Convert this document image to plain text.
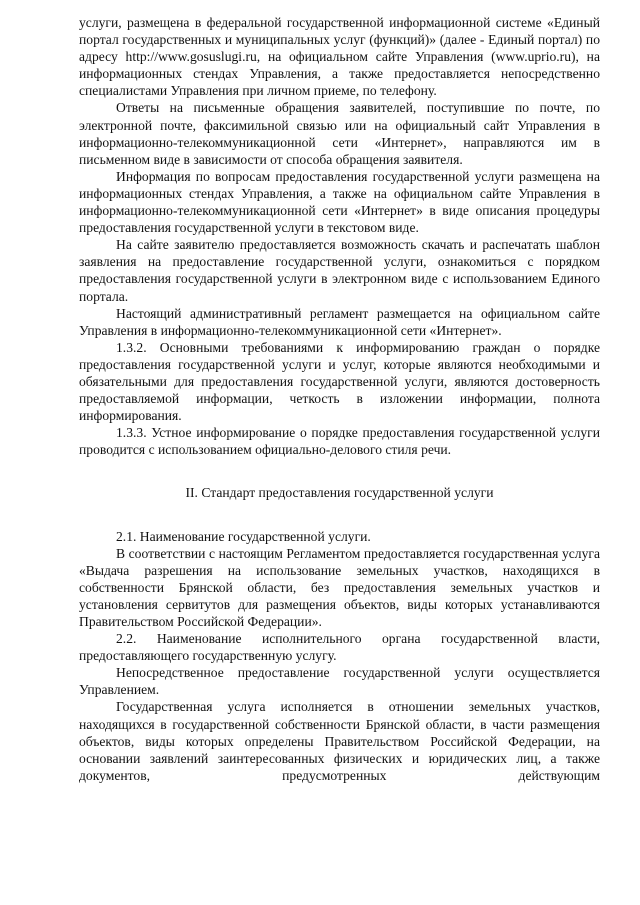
услуги, размещена в федеральной государственной информационной системе «Единый портал государственных и муниципальных услуг (функций)» (далее - Единый портал) по адресу http://www.gosuslugi.ru, на официальном сайте Управления (www.uprio.ru), на информационных стендах Управления, а также предоставляется непосредственно специалистами Управления при личном приеме, по телефону.

Ответы на письменные обращения заявителей, поступившие по почте, по электронной почте, факсимильной связью или на официальный сайт Управления в информационно-телекоммуникационной сети «Интернет», направляются им в письменном виде в зависимости от способа обращения заявителя.

Информация по вопросам предоставления государственной услуги размещена на информационных стендах Управления, а также на официальном сайте Управления в информационно-телекоммуникационной сети «Интернет» в виде описания процедуры предоставления государственной услуги в текстовом виде.

На сайте заявителю предоставляется возможность скачать и распечатать шаблон заявления на предоставление государственной услуги, ознакомиться с порядком предоставления государственной услуги в электронном виде с использованием Единого портала.

Настоящий административный регламент размещается на официальном сайте Управления в информационно-телекоммуникационной сети «Интернет».

1.3.2. Основными требованиями к информированию граждан о порядке предоставления государственной услуги и услуг, которые являются необходимыми и обязательными для предоставления государственной услуги, являются достоверность предоставляемой информации, четкость в изложении информации, полнота информирования.

1.3.3. Устное информирование о порядке предоставления государственной услуги проводится с использованием официально-делового стиля речи.

II. Стандарт предоставления государственной услуги

2.1. Наименование государственной услуги.

В соответствии с настоящим Регламентом предоставляется государственная услуга «Выдача разрешения на использование земельных участков, находящихся в собственности Брянской области, без предоставления земельных участков и установления сервитутов для размещения объектов, виды которых устанавливаются Правительством Российской Федерации».

2.2. Наименование исполнительного органа государственной власти, предоставляющего государственную услугу.

Непосредственное предоставление государственной услуги осуществляется Управлением.

Государственная услуга исполняется в отношении земельных участков, находящихся в государственной собственности Брянской области, в части размещения объектов, виды которых определены Правительством Российской Федерации, на основании заявлений заинтересованных физических и юридических лиц, а также документов, предусмотренных действующим
